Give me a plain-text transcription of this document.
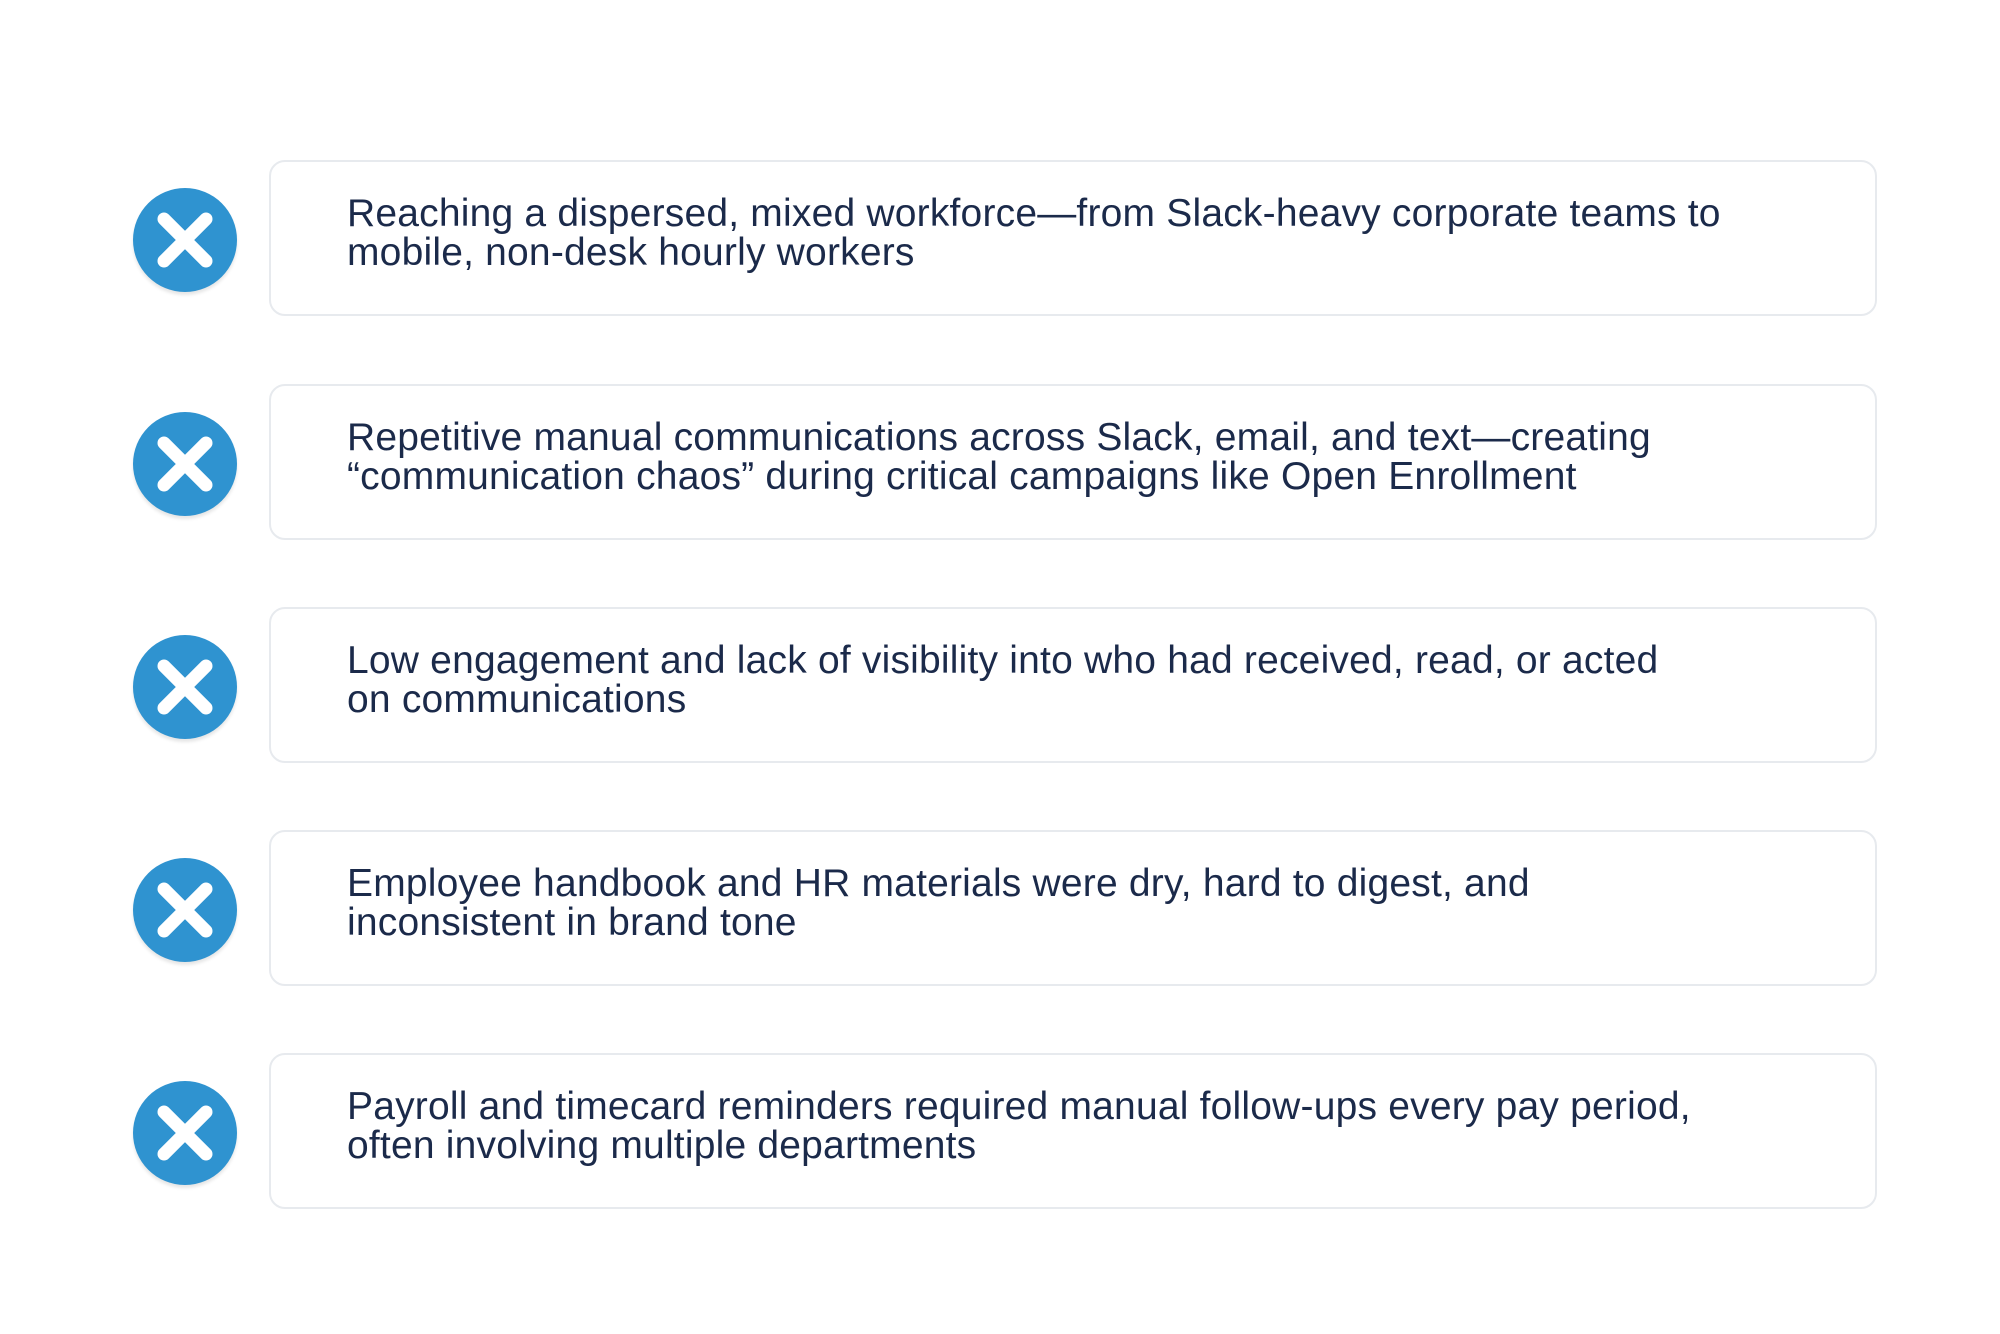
Reaching a dispersed, mixed workforce—from Slack-heavy corporate teams to
mobile, non-desk hourly workers

Repetitive manual communications across Slack, email, and text—creating
“communication chaos” during critical campaigns like Open Enrollment

Low engagement and lack of visibility into who had received, read, or acted
on communications

Employee handbook and HR materials were dry, hard to digest, and
inconsistent in brand tone

Payroll and timecard reminders required manual follow-ups every pay period,
often involving multiple departments
